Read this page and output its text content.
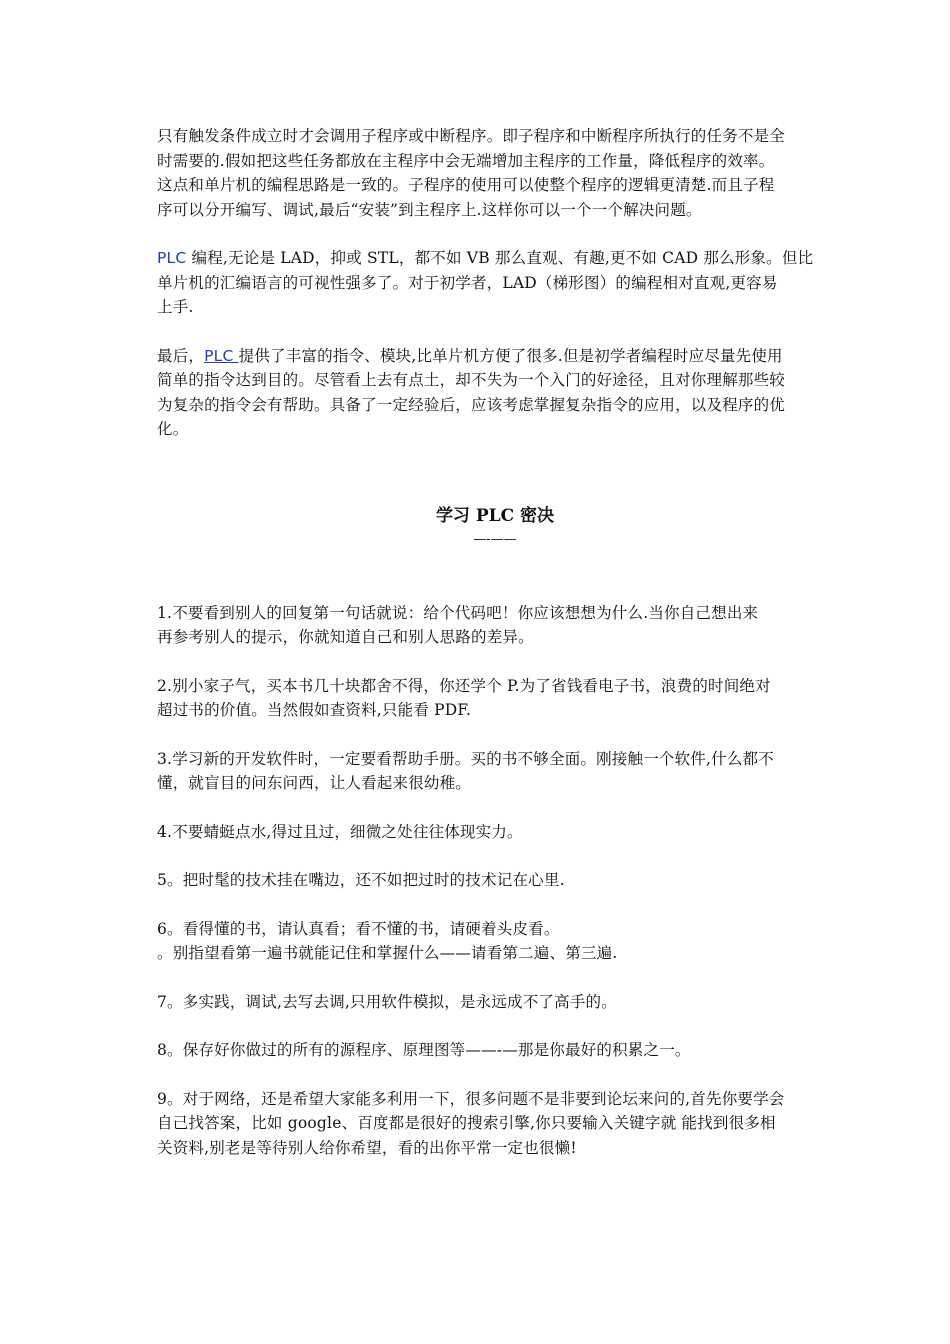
只有触发条件成立时才会调用子程序或中断程序。即子程序和中断程序所执行的任务不是全
时需要的.假如把这些任务都放在主程序中会无端增加主程序的工作量，降低程序的效率。
这点和单片机的编程思路是一致的。子程序的使用可以使整个程序的逻辑更清楚.而且子程
序可以分开编写、调试,最后“安装”到主程序上.这样你可以一个一个解决问题。

PLC 编程,无论是 LAD，抑或 STL，都不如 VB 那么直观、有趣,更不如 CAD 那么形象。但比
单片机的汇编语言的可视性强多了。对于初学者，LAD（梯形图）的编程相对直观,更容易
上手.

最后，PLC 提供了丰富的指令、模块,比单片机方便了很多.但是初学者编程时应尽量先使用
简单的指令达到目的。尽管看上去有点土，却不失为一个入门的好途径，且对你理解那些较
为复杂的指令会有帮助。具备了一定经验后，应该考虑掌握复杂指令的应用，以及程序的优
化。

学习 PLC 密决

—-——

1.不要看到别人的回复第一句话就说：给个代码吧！你应该想想为什么.当你自己想出来
再参考别人的提示，你就知道自己和别人思路的差异。

2.别小家子气，买本书几十块都舍不得，你还学个 P.为了省钱看电子书，浪费的时间绝对
超过书的价值。当然假如查资料,只能看 PDF.

3.学习新的开发软件时，一定要看帮助手册。买的书不够全面。刚接触一个软件,什么都不
懂，就盲目的问东问西，让人看起来很幼稚。

4.不要蜻蜓点水,得过且过，细微之处往往体现实力。

5。把时髦的技术挂在嘴边，还不如把过时的技术记在心里.

6。看得懂的书，请认真看；看不懂的书，请硬着头皮看。
。别指望看第一遍书就能记住和掌握什么——请看第二遍、第三遍.

7。多实践，调试,去写去调,只用软件模拟，是永远成不了高手的。

8。保存好你做过的所有的源程序、原理图等——-—那是你最好的积累之一。

9。对于网络，还是希望大家能多利用一下，很多问题不是非要到论坛来问的,首先你要学会
自己找答案，比如 google、百度都是很好的搜索引擎,你只要输入关键字就 能找到很多相
关资料,别老是等待别人给你希望，看的出你平常一定也很懒!
